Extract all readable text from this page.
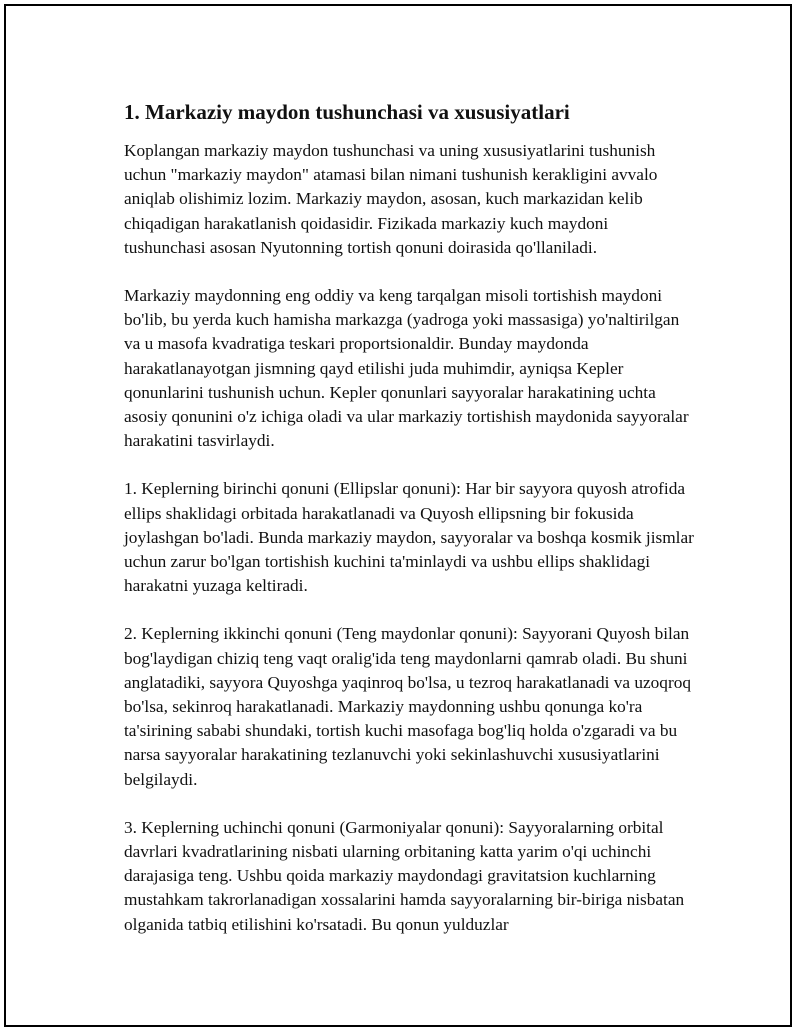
1. Markaziy maydon tushunchasi va xususiyatlari

Koplangan markaziy maydon tushunchasi va uning xususiyatlarini tushunish uchun "markaziy maydon" atamasi bilan nimani tushunish kerakligini avvalo aniqlab olishimiz lozim. Markaziy maydon, asosan, kuch markazidan kelib chiqadigan harakatlanish qoidasidir. Fizikada markaziy kuch maydoni tushunchasi asosan Nyutonning tortish qonuni doirasida qo'llaniladi.

Markaziy maydonning eng oddiy va keng tarqalgan misoli tortishish maydoni bo'lib, bu yerda kuch hamisha markazga (yadroga yoki massasiga) yo'naltirilgan va u masofa kvadratiga teskari proportsionaldir. Bunday maydonda harakatlanayotgan jismning qayd etilishi juda muhimdir, ayniqsa Kepler qonunlarini tushunish uchun. Kepler qonunlari sayyoralar harakatining uchta asosiy qonunini o'z ichiga oladi va ular markaziy tortishish maydonida sayyoralar harakatini tasvirlaydi.

1. Keplerning birinchi qonuni (Ellipslar qonuni): Har bir sayyora quyosh atrofida ellips shaklidagi orbitada harakatlanadi va Quyosh ellipsning bir fokusida joylashgan bo'ladi. Bunda markaziy maydon, sayyoralar va boshqa kosmik jismlar uchun zarur bo'lgan tortishish kuchini ta'minlaydi va ushbu ellips shaklidagi harakatni yuzaga keltiradi.

2. Keplerning ikkinchi qonuni (Teng maydonlar qonuni): Sayyorani Quyosh bilan bog'laydigan chiziq teng vaqt oralig'ida teng maydonlarni qamrab oladi. Bu shuni anglatadiki, sayyora Quyoshga yaqinroq bo'lsa, u tezroq harakatlanadi va uzoqroq bo'lsa, sekinroq harakatlanadi. Markaziy maydonning ushbu qonunga ko'ra ta'sirining sababi shundaki, tortish kuchi masofaga bog'liq holda o'zgaradi va bu narsa sayyoralar harakatining tezlanuvchi yoki sekinlashuvchi xususiyatlarini belgilaydi.

3. Keplerning uchinchi qonuni (Garmoniyalar qonuni): Sayyoralarning orbital davrlari kvadratlarining nisbati ularning orbitaning katta yarim o'qi uchinchi darajasiga teng. Ushbu qoida markaziy maydondagi gravitatsion kuchlarning mustahkam takrorlanadigan xossalarini hamda sayyoralarning bir-biriga nisbatan olganida tatbiq etilishini ko'rsatadi. Bu qonun yulduzlar
